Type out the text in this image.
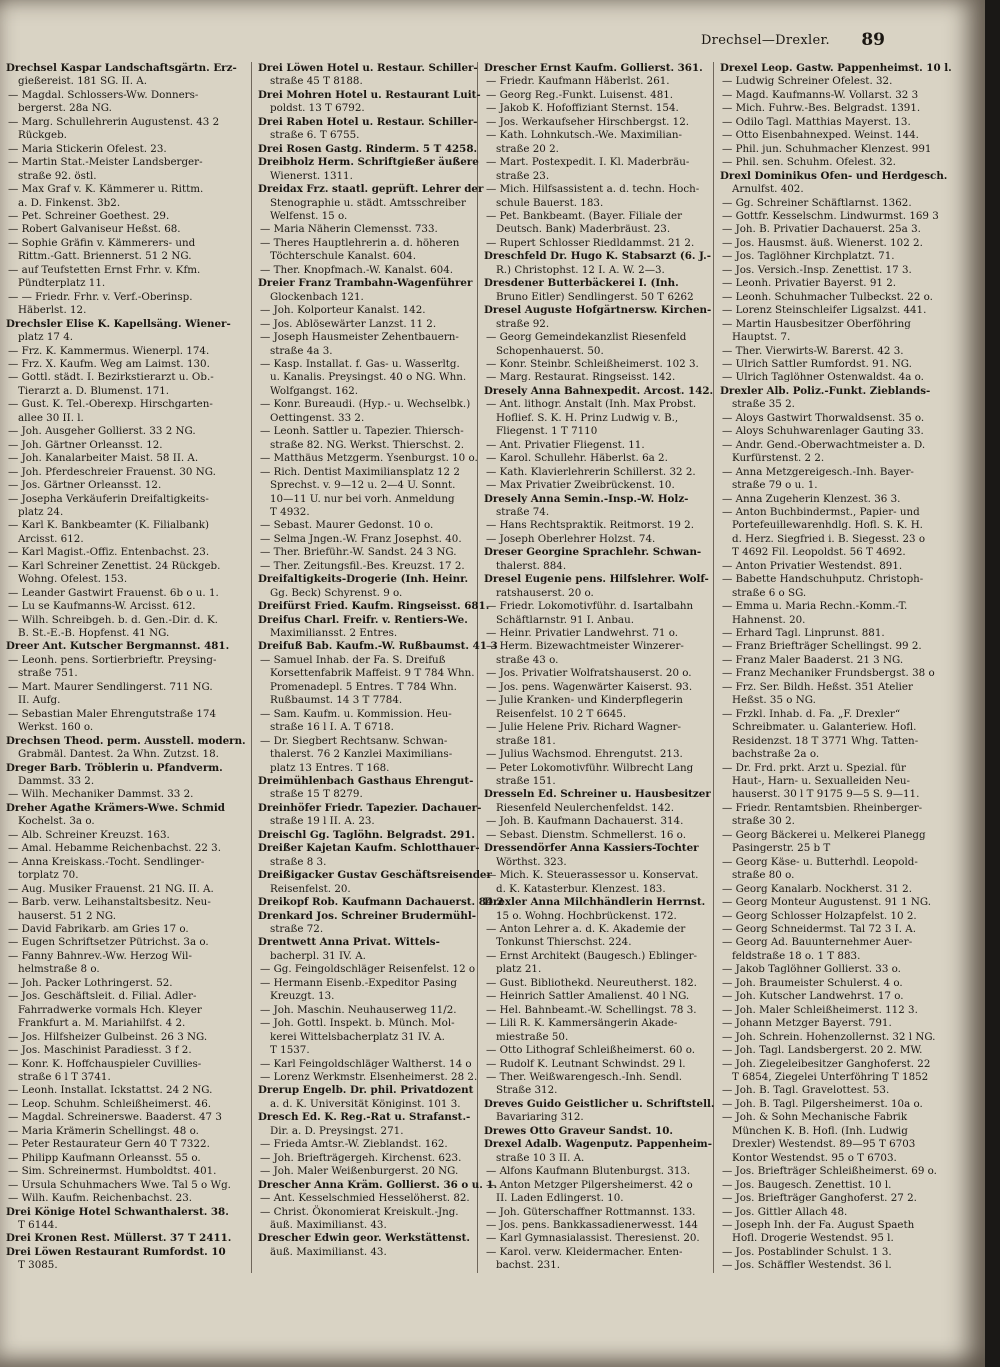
Drechsel—Drexler. 89
Drechsel Kaspar Landschaftsgärtn. Erz-
gießereist. 181 SG. II. A.
— Magdal. Schlossers-Ww. Donners-
bergerst. 28a NG.
— Marg. Schullehrerin Augustenst. 43 2
Rückgeb.
— Maria Stickerin Ofelest. 23.
— Martin Stat.-Meister Landsberger-
straße 92. östl.
— Max Graf v. K. Kämmerer u. Rittm.
a. D. Finkenst. 3b2.
— Pet. Schreiner Goethest. 29.
— Robert Galvaniseur Heßst. 68.
— Sophie Gräfin v. Kämmerers- und
Rittm.-Gatt. Briennerst. 51 2 NG.
— auf Teufstetten Ernst Frhr. v. Kfm.
Pündterplatz 11.
— — Friedr. Frhr. v. Verf.-Oberinsp.
Häberlst. 12.
Drechsler Elise K. Kapellsäng. Wiener-
platz 17 4.
— Frz. K. Kammermus. Wienerpl. 174.
— Frz. X. Kaufm. Weg am Laimst. 130.
— Gottl. städt. I. Bezirkstierarzt u. Ob.-
Tierarzt a. D. Blumenst. 171.
— Gust. K. Tel.-Oberexp. Hirschgarten-
allee 30 II. l.
— Joh. Ausgeher Gollierst. 33 2 NG.
— Joh. Gärtner Orleansst. 12.
— Joh. Kanalarbeiter Maist. 58 II. A.
— Joh. Pferdeschreier Frauenst. 30 NG.
— Jos. Gärtner Orleansst. 12.
— Josepha Verkäuferin Dreifaltigkeits-
platz 24.
— Karl K. Bankbeamter (K. Filialbank)
Arcisst. 612.
— Karl Magist.-Offiz. Entenbachst. 23.
— Karl Schreiner Zenettist. 24 Rückgeb.
Wohng. Ofelest. 153.
— Leander Gastwirt Frauenst. 6b o u. 1.
— Lu se Kaufmanns-W. Arcisst. 612.
— Wilh. Schreibgeh. b. d. Gen.-Dir. d. K.
B. St.-E.-B. Hopfenst. 41 NG.
Dreer Ant. Kutscher Bergmannst. 481.
— Leonh. pens. Sortierbrieftr. Preysing-
straße 751.
— Mart. Maurer Sendlingerst. 711 NG.
II. Aufg.
— Sebastian Maler Ehrengutstraße 174
Werkst. 160 o.
Drechsen Theod. perm. Ausstell. modern.
Grabmäl. Dantest. 2a Whn. Zutzst. 18.
Dreger Barb. Tröblerin u. Pfandverm.
Dammst. 33 2.
— Wilh. Mechaniker Dammst. 33 2.
Dreher Agathe Krämers-Wwe. Schmid
Kochelst. 3a o.
— Alb. Schreiner Kreuzst. 163.
— Amal. Hebamme Reichenbachst. 22 3.
— Anna Kreiskass.-Tocht. Sendlinger-
torplatz 70.
— Aug. Musiker Frauenst. 21 NG. II. A.
— Barb. verw. Leihanstaltsbesitz. Neu-
hauserst. 51 2 NG.
— David Fabrikarb. am Gries 17 o.
— Eugen Schriftsetzer Pütrichst. 3a o.
— Fanny Bahnrev.-Ww. Herzog Wil-
helmstraße 8 o.
— Joh. Packer Lothringerst. 52.
— Jos. Geschäftsleit. d. Filial. Adler-
Fahrradwerke vormals Hch. Kleyer
Frankfurt a. M. Mariahilfst. 4 2.
— Jos. Hilfsheizer Gulbeinst. 26 3 NG.
— Jos. Maschinist Paradiesst. 3 f 2.
— Konr. K. Hoffchauspieler Cuvillies-
straße 6 l T 3741.
— Leonh. Installat. Ickstattst. 24 2 NG.
— Leop. Schuhm. Schleißheimerst. 46.
— Magdal. Schreinerswe. Baaderst. 47 3
— Maria Krämerin Schellingst. 48 o.
— Peter Restaurateur Gern 40 T 7322.
— Philipp Kaufmann Orleansst. 55 o.
— Sim. Schreinermst. Humboldtst. 401.
— Ursula Schuhmachers Wwe. Tal 5 o Wg.
— Wilh. Kaufm. Reichenbachst. 23.
Drei Könige Hotel Schwanthalerst. 38.
T 6144.
Drei Kronen Rest. Müllerst. 37 T 2411.
Drei Löwen Restaurant Rumfordst. 10
T 3085.
Drei Löwen Hotel u. Restaur. Schiller-
straße 45 T 8188.
Drei Mohren Hotel u. Restaurant Luit-
poldst. 13 T 6792.
Drei Raben Hotel u. Restaur. Schiller-
straße 6. T 6755.
Drei Rosen Gastg. Rinderm. 5 T 4258.
Dreibholz Herm. Schriftgießer äußere
Wienerst. 1311.
Dreidax Frz. staatl. geprüft. Lehrer der
Stenographie u. städt. Amtsschreiber
Welfenst. 15 o.
— Maria Näherin Clemensst. 733.
— Theres Hauptlehrerin a. d. höheren
Töchterschule Kanalst. 604.
— Ther. Knopfmach.-W. Kanalst. 604.
Dreier Franz Trambahn-Wagenführer
Glockenbach 121.
— Joh. Kolporteur Kanalst. 142.
— Jos. Ablösewärter Lanzst. 11 2.
— Joseph Hausmeister Zehentbauern-
straße 4a 3.
— Kasp. Installat. f. Gas- u. Wasserltg.
u. Kanalis. Preysingst. 40 o NG. Whn.
Wolfgangst. 162.
— Konr. Bureaudi. (Hyp.- u. Wechselbk.)
Oettingenst. 33 2.
— Leonh. Sattler u. Tapezier. Thiersch-
straße 82. NG. Werkst. Thierschst. 2.
— Matthäus Metzgerm. Ysenburgst. 10 o.
— Rich. Dentist Maximiliansplatz 12 2
Sprechst. v. 9—12 u. 2—4 U. Sonnt.
10—11 U. nur bei vorh. Anmeldung
T 4932.
— Sebast. Maurer Gedonst. 10 o.
— Selma Jngen.-W. Franz Josephst. 40.
— Ther. Brieführ.-W. Sandst. 24 3 NG.
— Ther. Zeitungsfil.-Bes. Kreuzst. 17 2.
Dreifaltigkeits-Drogerie (Inh. Heinr.
Gg. Beck) Schyrenst. 9 o.
Dreifürst Fried. Kaufm. Ringseisst. 681.
Dreifus Charl. Freifr. v. Rentiers-We.
Maximiliansst. 2 Entres.
Dreifuß Bab. Kaufm.-W. Rußbaumst. 41 3
— Samuel Inhab. der Fa. S. Dreifuß
Korsettenfabrik Maffeist. 9 T 784 Whn.
Promenadepl. 5 Entres. T 784 Whn.
Rußbaumst. 14 3 T 7784.
— Sam. Kaufm. u. Kommission. Heu-
straße 16 l I. A. T 6718.
— Dr. Siegbert Rechtsanw. Schwan-
thalerst. 76 2 Kanzlei Maximilians-
platz 13 Entres. T 168.
Dreimühlenbach Gasthaus Ehrengut-
straße 15 T 8279.
Dreinhöfer Friedr. Tapezier. Dachauer-
straße 19 l II. A. 23.
Dreischl Gg. Taglöhn. Belgradst. 291.
Dreißer Kajetan Kaufm. Schlotthauer-
straße 8 3.
Dreißigacker Gustav Geschäftsreisender
Reisenfelst. 20.
Dreikopf Rob. Kaufmann Dachauerst. 84 2
Drenkard Jos. Schreiner Brudermühl-
straße 72.
Drentwett Anna Privat. Wittels-
bacherpl. 31 IV. A.
— Gg. Feingoldschläger Reisenfelst. 12 o
— Hermann Eisenb.-Expeditor Pasing
Kreuzgt. 13.
— Joh. Maschin. Neuhauserweg 11/2.
— Joh. Gottl. Inspekt. b. Münch. Mol-
kerei Wittelsbacherplatz 31 IV. A.
T 1537.
— Karl Feingoldschläger Waltherst. 14 o
— Lorenz Werkmstr. Elsenheimerst. 28 2.
Drerup Engelb. Dr. phil. Privatdozent
a. d. K. Universität Königinst. 101 3.
Dresch Ed. K. Reg.-Rat u. Strafanst.-
Dir. a. D. Preysingst. 271.
— Frieda Amtsr.-W. Zieblandst. 162.
— Joh. Briefträgergeh. Kirchenst. 623.
— Joh. Maler Weißenburgerst. 20 NG.
Drescher Anna Kräm. Gollierst. 36 o u. 1.
— Ant. Kesselschmied Hesselöherst. 82.
— Christ. Ökonomierat Kreiskult.-Jng.
äuß. Maximilianst. 43.
Drescher Edwin geor. Werkstättenst.
äuß. Maximilianst. 43.
Drescher Ernst Kaufm. Gollierst. 361.
— Friedr. Kaufmann Häberlst. 261.
— Georg Reg.-Funkt. Luisenst. 481.
— Jakob K. Hofoffiziant Sternst. 154.
— Jos. Werkaufseher Hirschbergst. 12.
— Kath. Lohnkutsch.-We. Maximilian-
straße 20 2.
— Mart. Postexpedit. I. Kl. Maderbräu-
straße 23.
— Mich. Hilfsassistent a. d. techn. Hoch-
schule Bauerst. 183.
— Pet. Bankbeamt. (Bayer. Filiale der
Deutsch. Bank) Maderbräust. 23.
— Rupert Schlosser Riedldammst. 21 2.
Dreschfeld Dr. Hugo K. Stabsarzt (6. J.-
R.) Christophst. 12 I. A. W. 2—3.
Dresdener Butterbäckerei I. (Inh.
Bruno Eitler) Sendlingerst. 50 T 6262
Dresel Auguste Hofgärtnersw. Kirchen-
straße 92.
— Georg Gemeindekanzlist Riesenfeld
Schopenhauerst. 50.
— Konr. Steinbr. Schleißheimerst. 102 3.
— Marg. Restaurat. Ringseisst. 142.
Dresely Anna Bahnexpedit. Arcost. 142.
— Ant. lithogr. Anstalt (Inh. Max Probst.
Hoflief. S. K. H. Prinz Ludwig v. B.,
Fliegenst. 1 T 7110
— Ant. Privatier Fliegenst. 11.
— Karol. Schullehr. Häberlst. 6a 2.
— Kath. Klavierlehrerin Schillerst. 32 2.
— Max Privatier Zweibrückenst. 10.
Dresely Anna Semin.-Insp.-W. Holz-
straße 74.
— Hans Rechtspraktik. Reitmorst. 19 2.
— Joseph Oberlehrer Holzst. 74.
Dreser Georgine Sprachlehr. Schwan-
thalerst. 884.
Dresel Eugenie pens. Hilfslehrer. Wolf-
ratshauserst. 20 o.
— Friedr. Lokomotivführ. d. Isartalbahn
Schäftlarnstr. 91 I. Anbau.
— Heinr. Privatier Landwehrst. 71 o.
— Herm. Bizewachtmeister Winzerer-
straße 43 o.
— Jos. Privatier Wolfratshauserst. 20 o.
— Jos. pens. Wagenwärter Kaiserst. 93.
— Julie Kranken- und Kinderpflegerin
Reisenfelst. 10 2 T 6645.
— Julie Helene Priv. Richard Wagner-
straße 181.
— Julius Wachsmod. Ehrengutst. 213.
— Peter Lokomotivführ. Wilbrecht Lang
straße 151.
Dresseln Ed. Schreiner u. Hausbesitzer
Riesenfeld Neulerchenfeldst. 142.
— Joh. B. Kaufmann Dachauerst. 314.
— Sebast. Dienstm. Schmellerst. 16 o.
Dressendörfer Anna Kassiers-Tochter
Wörthst. 323.
— Mich. K. Steuerassessor u. Konservat.
d. K. Katasterbur. Klenzest. 183.
Drexler Anna Milchhändlerin Herrnst.
15 o. Wohng. Hochbrückenst. 172.
— Anton Lehrer a. d. K. Akademie der
Tonkunst Thierschst. 224.
— Ernst Architekt (Baugesch.) Eblinger-
platz 21.
— Gust. Bibliothekd. Neureutherst. 182.
— Heinrich Sattler Amalienst. 40 l NG.
— Hel. Bahnbeamt.-W. Schellingst. 78 3.
— Lili R. K. Kammersängerin Akade-
miestraße 50.
— Otto Lithograf Schleißheimerst. 60 o.
— Rudolf K. Leutnant Schwindst. 29 l.
— Ther. Weißwarengesch.-Inh. Sendl.
Straße 312.
Dreves Guido Geistlicher u. Schriftstell.
Bavariaring 312.
Drewes Otto Graveur Sandst. 10.
Drexel Adalb. Wagenputz. Pappenheim-
straße 10 3 II. A.
— Alfons Kaufmann Blutenburgst. 313.
— Anton Metzger Pilgersheimerst. 42 o
II. Laden Edlingerst. 10.
— Joh. Güterschaffner Rottmannst. 133.
— Jos. pens. Bankkassadienerwesst. 144
— Karl Gymnasialassist. Theresienst. 20.
— Karol. verw. Kleidermacher. Enten-
bachst. 231.
Drexel Leop. Gastw. Pappenheimst. 10 l.
— Ludwig Schreiner Ofelest. 32.
— Magd. Kaufmanns-W. Vollarst. 32 3
— Mich. Fuhrw.-Bes. Belgradst. 1391.
— Odilo Tagl. Matthias Mayerst. 13.
— Otto Eisenbahnexped. Weinst. 144.
— Phil. jun. Schuhmacher Klenzest. 991
— Phil. sen. Schuhm. Ofelest. 32.
Drexl Dominikus Ofen- und Herdgesch.
Arnulfst. 402.
— Gg. Schreiner Schäftlarnst. 1362.
— Gottfr. Kesselschm. Lindwurmst. 169 3
— Joh. B. Privatier Dachauerst. 25a 3.
— Jos. Hausmst. äuß. Wienerst. 102 2.
— Jos. Taglöhner Kirchplatzt. 71.
— Jos. Versich.-Insp. Zenettist. 17 3.
— Leonh. Privatier Bayerst. 91 2.
— Leonh. Schuhmacher Tulbeckst. 22 o.
— Lorenz Steinschleifer Ligsalzst. 441.
— Martin Hausbesitzer Oberföhring
Hauptst. 7.
— Ther. Vierwirts-W. Barerst. 42 3.
— Ulrich Sattler Rumfordst. 91. NG.
— Ulrich Taglöhner Ostenwaldst. 4a o.
Drexler Alb. Poliz.-Funkt. Zieblands-
straße 35 2.
— Aloys Gastwirt Thorwaldsenst. 35 o.
— Aloys Schuhwarenlager Gauting 33.
— Andr. Gend.-Oberwachtmeister a. D.
Kurfürstenst. 2 2.
— Anna Metzgereigesch.-Inh. Bayer-
straße 79 o u. 1.
— Anna Zugeherin Klenzest. 36 3.
— Anton Buchbindermst., Papier- und
Portefeuillewarenhdlg. Hofl. S. K. H.
d. Herz. Siegfried i. B. Siegesst. 23 o
T 4692 Fil. Leopoldst. 56 T 4692.
— Anton Privatier Westendst. 891.
— Babette Handschuhputz. Christoph-
straße 6 o SG.
— Emma u. Maria Rechn.-Komm.-T.
Hahnenst. 20.
— Erhard Tagl. Linprunst. 881.
— Franz Briefträger Schellingst. 99 2.
— Franz Maler Baaderst. 21 3 NG.
— Franz Mechaniker Frundsbergst. 38 o
— Frz. Ser. Bildh. Heßst. 351 Atelier
Heßst. 35 o NG.
— Frzkl. Inhab. d. Fa. „F. Drexler“
Schreibmater. u. Galanteriew. Hofl.
Residenzst. 18 T 3771 Whg. Tatten-
bachstraße 2a o.
— Dr. Frd. prkt. Arzt u. Spezial. für
Haut-, Harn- u. Sexualleiden Neu-
hauserst. 30 l T 9175 9—5 S. 9—11.
— Friedr. Rentamtsbien. Rheinberger-
straße 30 2.
— Georg Bäckerei u. Melkerei Planegg
Pasingerstr. 25 b T
— Georg Käse- u. Butterhdl. Leopold-
straße 80 o.
— Georg Kanalarb. Nockherst. 31 2.
— Georg Monteur Augustenst. 91 1 NG.
— Georg Schlosser Holzapfelst. 10 2.
— Georg Schneidermst. Tal 72 3 I. A.
— Georg Ad. Bauunternehmer Auer-
feldstraße 18 o. 1 T 883.
— Jakob Taglöhner Gollierst. 33 o.
— Joh. Braumeister Schulerst. 4 o.
— Joh. Kutscher Landwehrst. 17 o.
— Joh. Maler Schleißheimerst. 112 3.
— Johann Metzger Bayerst. 791.
— Joh. Schrein. Hohenzollernst. 32 l NG.
— Joh. Tagl. Landsbergerst. 20 2. MW.
— Joh. Ziegeleibesitzer Ganghoferst. 22
T 6854, Ziegelei Unterföhring T 1852
— Joh. B. Tagl. Gravelottest. 53.
— Joh. B. Tagl. Pilgersheimerst. 10a o.
— Joh. & Sohn Mechanische Fabrik
München K. B. Hofl. (Inh. Ludwig
Drexler) Westendst. 89—95 T 6703
Kontor Westendst. 95 o T 6703.
— Jos. Briefträger Schleißheimerst. 69 o.
— Jos. Baugesch. Zenettist. 10 l.
— Jos. Briefträger Ganghoferst. 27 2.
— Jos. Gittler Allach 48.
— Joseph Inh. der Fa. August Spaeth
Hofl. Drogerie Westendst. 95 l.
— Jos. Postablinder Schulst. 1 3.
— Jos. Schäffler Westendst. 36 l.
